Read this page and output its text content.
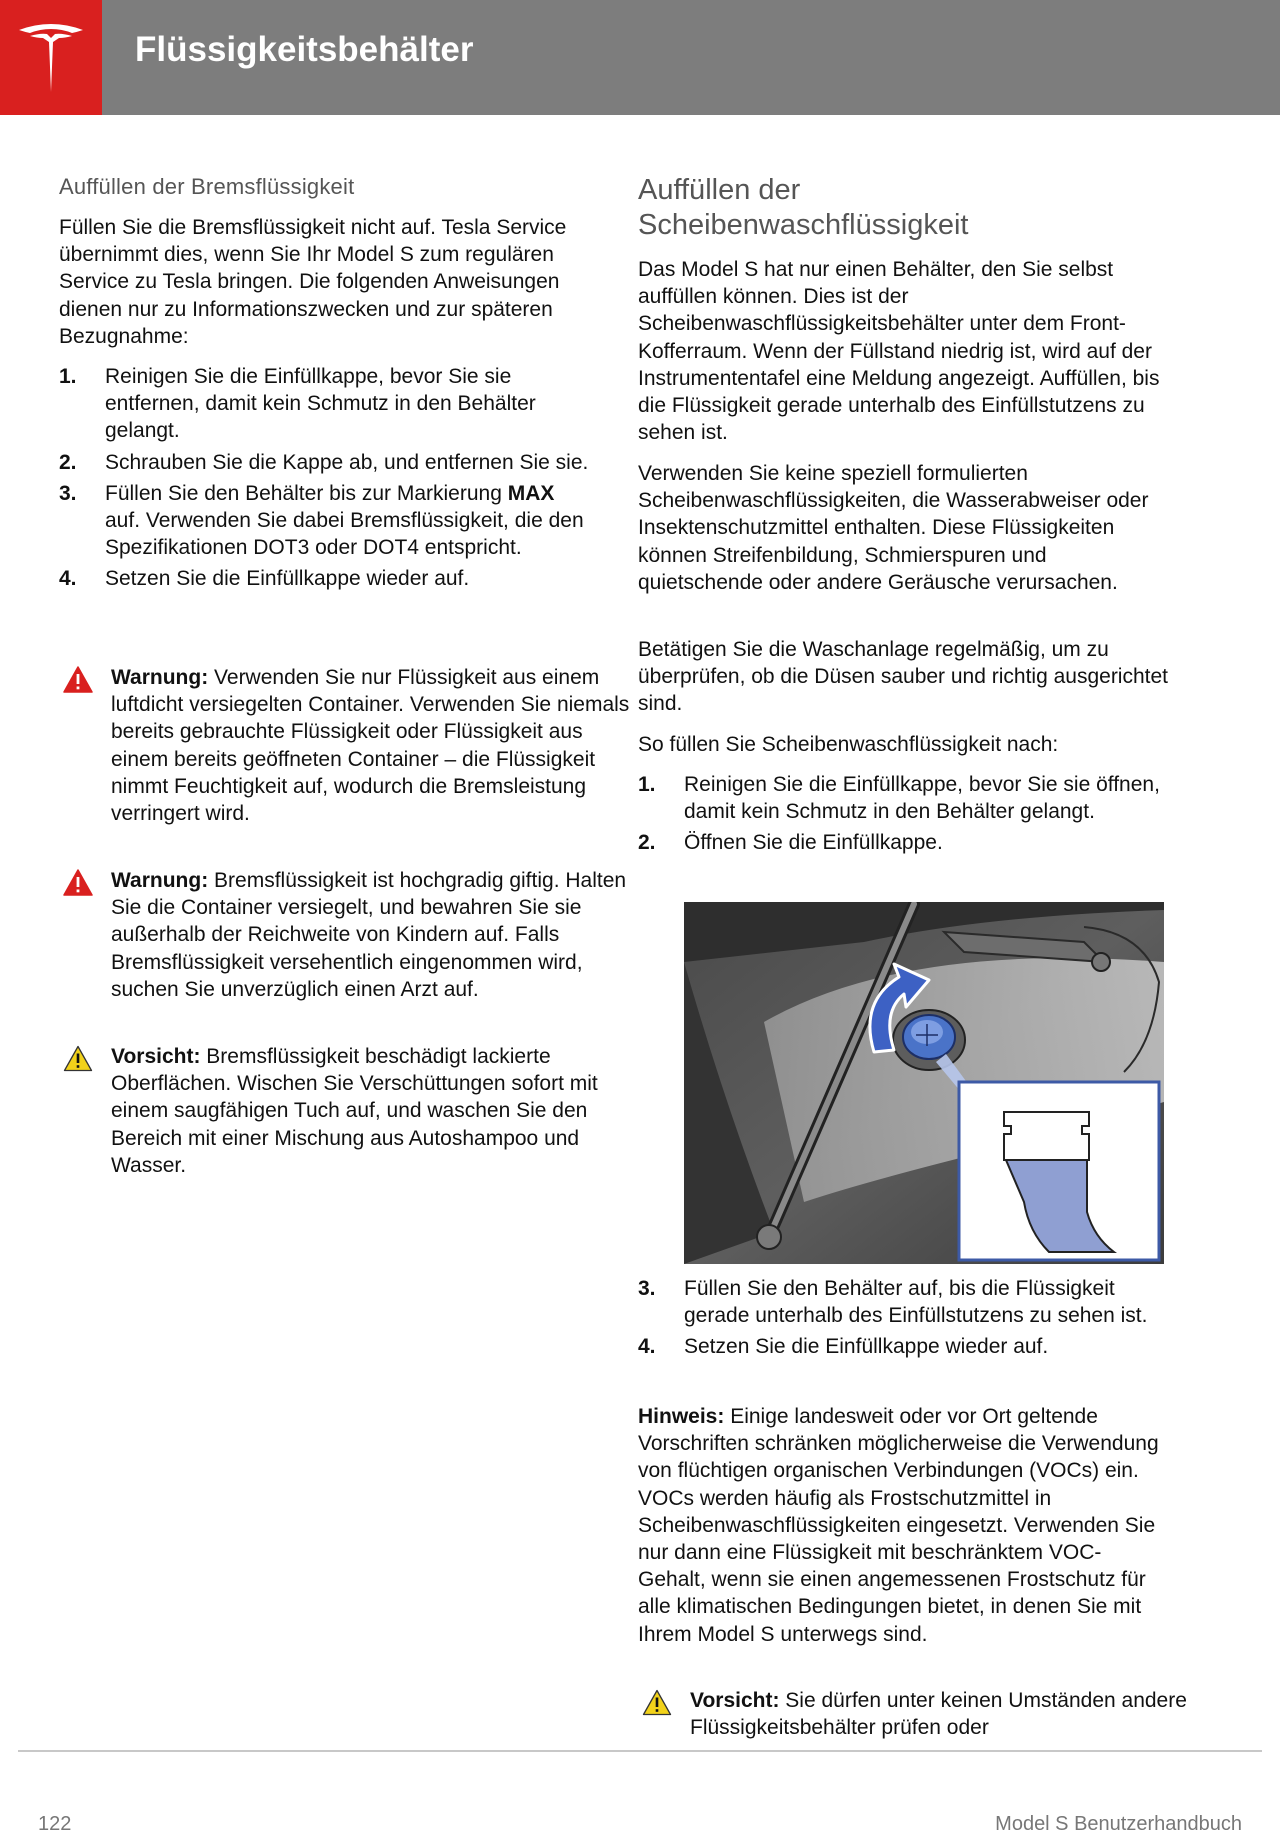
Flüssigkeitsbehälter
Auffüllen der Bremsflüssigkeit
Füllen Sie die Bremsflüssigkeit nicht auf. Tesla Service übernimmt dies, wenn Sie Ihr Model S zum regulären Service zu Tesla bringen. Die folgenden Anweisungen dienen nur zu Informationszwecken und zur späteren Bezugnahme:
1. Reinigen Sie die Einfüllkappe, bevor Sie sie entfernen, damit kein Schmutz in den Behälter gelangt.
2. Schrauben Sie die Kappe ab, und entfernen Sie sie.
3. Füllen Sie den Behälter bis zur Markierung MAX auf. Verwenden Sie dabei Bremsflüssigkeit, die den Spezifikationen DOT3 oder DOT4 entspricht.
4. Setzen Sie die Einfüllkappe wieder auf.
Warnung: Verwenden Sie nur Flüssigkeit aus einem luftdicht versiegelten Container. Verwenden Sie niemals bereits gebrauchte Flüssigkeit oder Flüssigkeit aus einem bereits geöffneten Container – die Flüssigkeit nimmt Feuchtigkeit auf, wodurch die Bremsleistung verringert wird.
Warnung: Bremsflüssigkeit ist hochgradig giftig. Halten Sie die Container versiegelt, und bewahren Sie sie außerhalb der Reichweite von Kindern auf. Falls Bremsflüssigkeit versehentlich eingenommen wird, suchen Sie unverzüglich einen Arzt auf.
Vorsicht: Bremsflüssigkeit beschädigt lackierte Oberflächen. Wischen Sie Verschüttungen sofort mit einem saugfähigen Tuch auf, und waschen Sie den Bereich mit einer Mischung aus Autoshampoo und Wasser.
Auffüllen der
Scheibenwaschflüssigkeit
Das Model S hat nur einen Behälter, den Sie selbst auffüllen können. Dies ist der Scheibenwaschflüssigkeitsbehälter unter dem Front-Kofferraum. Wenn der Füllstand niedrig ist, wird auf der Instrumententafel eine Meldung angezeigt. Auffüllen, bis die Flüssigkeit gerade unterhalb des Einfüllstutzens zu sehen ist.
Verwenden Sie keine speziell formulierten Scheibenwaschflüssigkeiten, die Wasserabweiser oder Insektenschutzmittel enthalten. Diese Flüssigkeiten können Streifenbildung, Schmierspuren und quietschende oder andere Geräusche verursachen.
Betätigen Sie die Waschanlage regelmäßig, um zu überprüfen, ob die Düsen sauber und richtig ausgerichtet sind.
So füllen Sie Scheibenwaschflüssigkeit nach:
1. Reinigen Sie die Einfüllkappe, bevor Sie sie öffnen, damit kein Schmutz in den Behälter gelangt.
2. Öffnen Sie die Einfüllkappe.
3. Füllen Sie den Behälter auf, bis die Flüssigkeit gerade unterhalb des Einfüllstutzens zu sehen ist.
4. Setzen Sie die Einfüllkappe wieder auf.
Hinweis: Einige landesweit oder vor Ort geltende Vorschriften schränken möglicherweise die Verwendung von flüchtigen organischen Verbindungen (VOCs) ein. VOCs werden häufig als Frostschutzmittel in Scheibenwaschflüssigkeiten eingesetzt. Verwenden Sie nur dann eine Flüssigkeit mit beschränktem VOC-Gehalt, wenn sie einen angemessenen Frostschutz für alle klimatischen Bedingungen bietet, in denen Sie mit Ihrem Model S unterwegs sind.
Vorsicht: Sie dürfen unter keinen Umständen andere Flüssigkeitsbehälter prüfen oder
122	Model S Benutzerhandbuch
